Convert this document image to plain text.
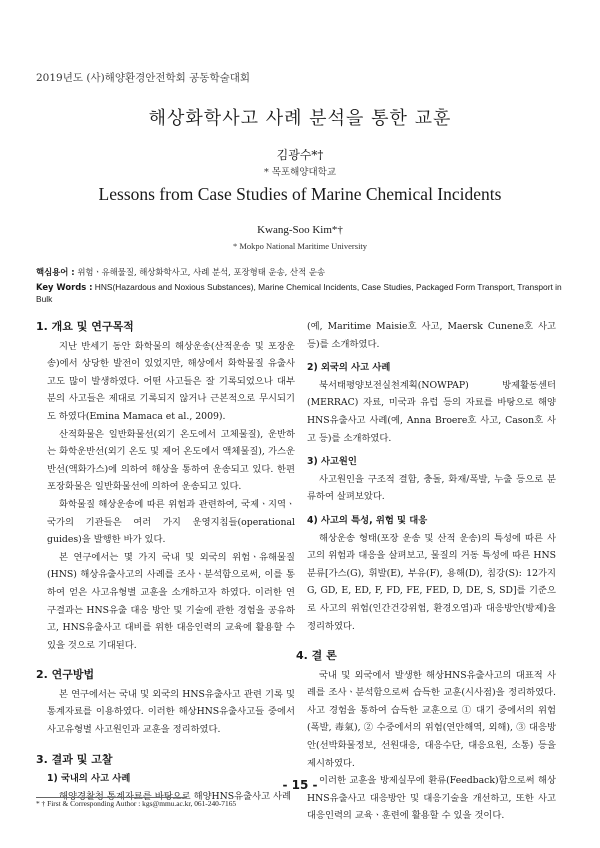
2019년도 (사)해양환경안전학회 공동학술대회
해상화학사고 사례 분석을 통한 교훈
김광수*†
* 목포해양대학교
Lessons from Case Studies of Marine Chemical Incidents
Kwang-Soo Kim*†
* Mokpo National Maritime University
핵심용어 : 위험ㆍ유해물질, 해상화학사고, 사례 분석, 포장형태 운송, 산적 운송
Key Words : HNS(Hazardous and Noxious Substances), Marine Chemical Incidents, Case Studies, Packaged Form Transport, Transport in Bulk
1. 개요 및 연구목적

지난 반세기 동안 화학물의 해상운송(산적운송 및 포장운송)에서 상당한 발전이 있었지만, 해상에서 화학물질 유출사고도 많이 발생하였다. 어떤 사고들은 잘 기록되었으나 대부분의 사고들은 제대로 기록되지 않거나 근본적으로 무시되기도 하였다(Emina Mamaca et al., 2009).

산적화물은 일반화물선(외기 온도에서 고체물질), 운반하는 화학운반선(외기 온도 및 제어 온도에서 액체물질), 가스운반선(액화가스)에 의하여 해상을 통하여 운송되고 있다. 한편 포장화물은 일반화물선에 의하여 운송되고 있다.

화학물질 해상운송에 따른 위험과 관련하여, 국제ㆍ지역ㆍ국가의 기관들은 여러 가지 운영지침들(operational guides)을 발행한 바가 있다.

본 연구에서는 몇 가지 국내 및 외국의 위험ㆍ유해물질(HNS) 해상유출사고의 사례를 조사ㆍ분석함으로써, 이를 통하여 얻은 사고유형별 교훈을 소개하고자 하였다. 이러한 연구결과는 HNS유출 대응 방안 및 기술에 관한 경험을 공유하고, HNS유출사고 대비를 위한 대응인력의 교육에 활용할 수 있을 것으로 기대된다.

2. 연구방법

본 연구에서는 국내 및 외국의 HNS유출사고 관련 기록 및 통계자료를 이용하였다. 이러한 해상HNS유출사고들 중에서 사고유형별 사고원인과 교훈을 정리하였다.

3. 결과 및 고찰
1) 국내의 사고 사례

해양경찰청 통계자료를 바탕으로 해양HNS유출사고 사례

(예, Maritime Maisie호 사고, Maersk Cunene호 사고 등)를 소개하였다.

2) 외국의 사고 사례

북서태평양보전실천계획(NOWPAP) 방제활동센터(MERRAC) 자료, 미국과 유럽 등의 자료를 바탕으로 해양HNS유출사고 사례(예, Anna Broere호 사고, Cason호 사고 등)를 소개하였다.

3) 사고원인

사고원인을 구조적 결함, 충돌, 화재/폭발, 누출 등으로 분류하여 살펴보았다.

4) 사고의 특성, 위험 및 대응

해상운송 형태(포장 운송 및 산적 운송)의 특성에 따른 사고의 위험과 대응을 살펴보고, 물질의 거동 특성에 따른 HNS 분류[가스(G), 휘발(E), 부유(F), 용해(D), 침강(S): 12가지 G, GD, E, ED, F, FD, FE, FED, D, DE, S, SD]를 기준으로 사고의 위험(인간건강위험, 환경오염)과 대응방안(방제)을 정리하였다.

4. 결 론

국내 및 외국에서 발생한 해상HNS유출사고의 대표적 사례를 조사ㆍ분석함으로써 습득한 교훈(시사점)을 정리하였다. 사고 경험을 통하여 습득한 교훈으로 ① 대기 중에서의 위험(폭발, 毒氣), ② 수중에서의 위험(연안해역, 외해), ③ 대응방안(선박화물정보, 선원대응, 대응수단, 대응요원, 소통) 등을 제시하였다.

이러한 교훈을 방제실무에 환류(Feedback)함으로써 해상HNS유출사고 대응방안 및 대응기술을 개선하고, 또한 사고 대응인력의 교육ㆍ훈련에 활용할 수 있을 것이다.

* † First & Corresponding Author : kgs@mmu.ac.kr, 061-240-7165
- 15 -
